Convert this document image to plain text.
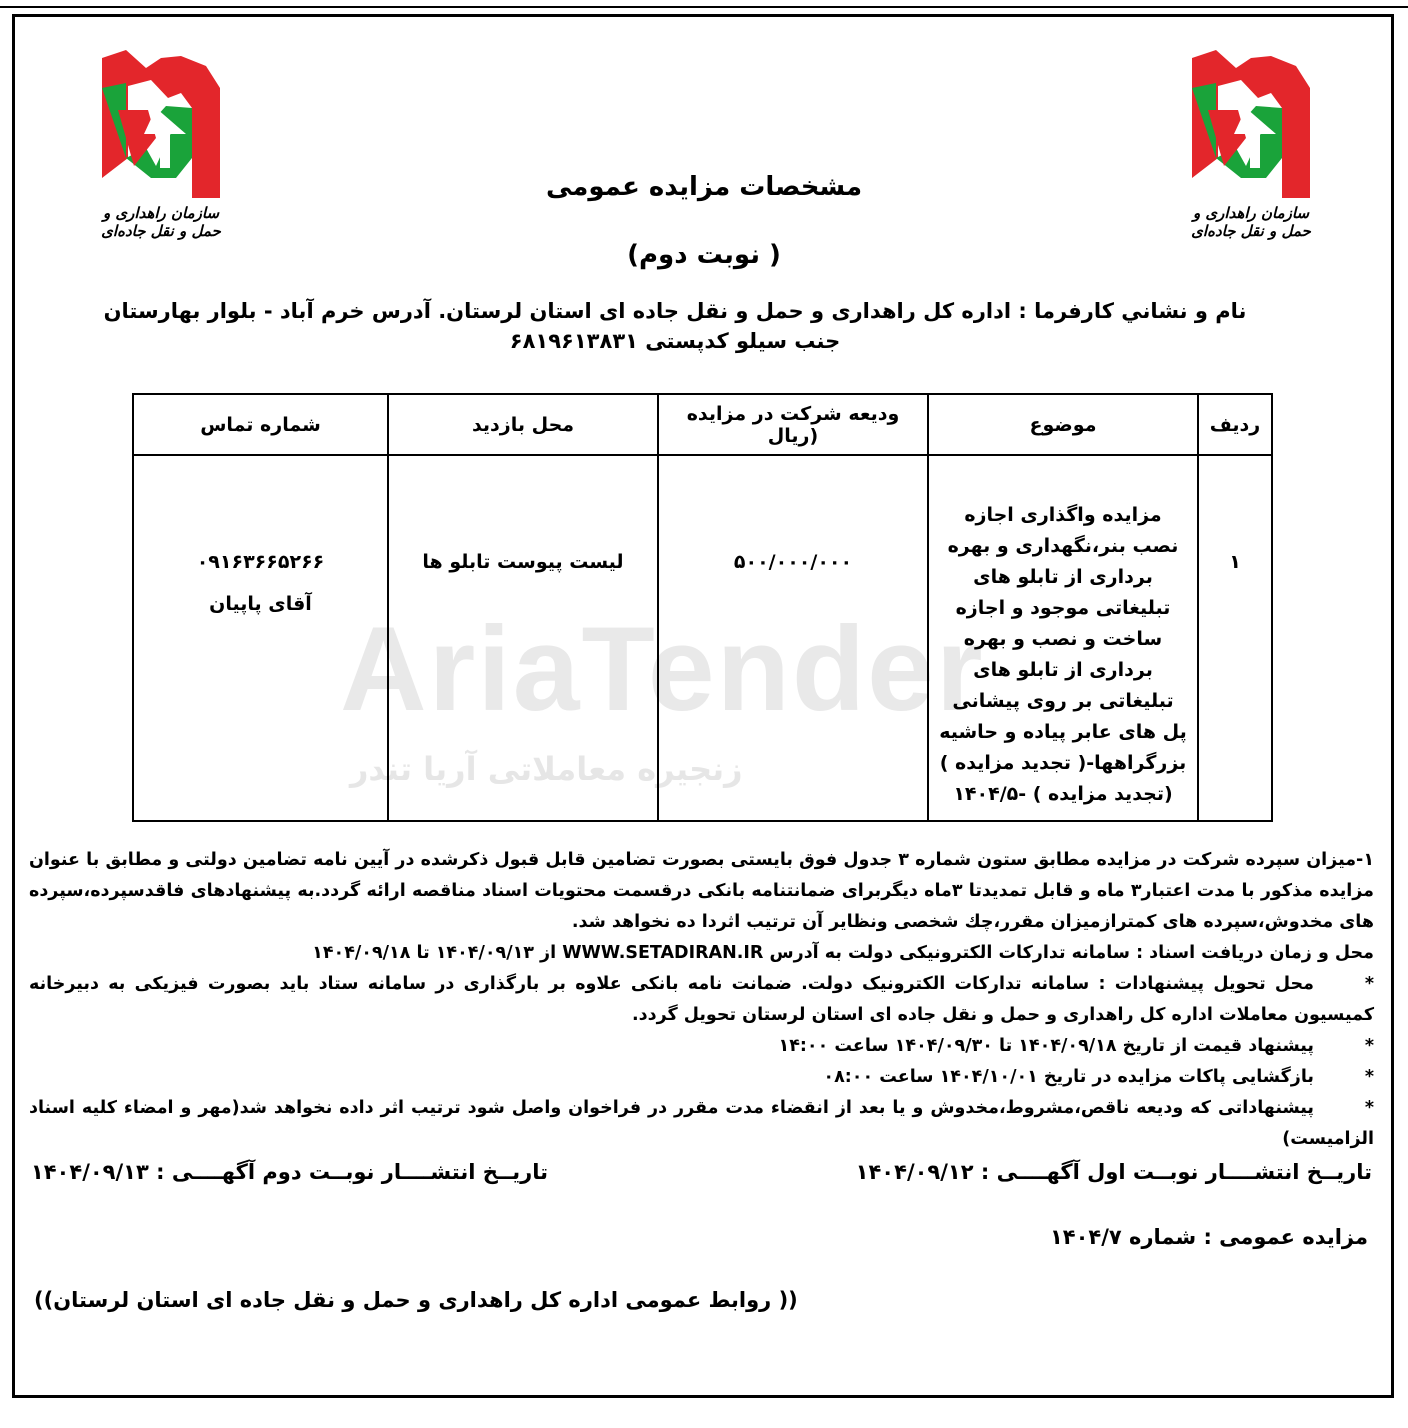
AriaTender
زنجیره معاملاتی آریا تندر
سازمان راهداری و حمل و نقل جاده‌ای
سازمان راهداری و حمل و نقل جاده‌ای
مشخصات مزایده عمومی
( نوبت دوم)
نام و نشاني كارفرما : اداره کل راهداری و حمل و نقل جاده ای استان لرستان. آدرس خرم آباد - بلوار بهارستان جنب سیلو کدپستی ۶۸۱۹۶۱۳۸۳۱
ردیف	موضوع	ودیعه شرکت در مزایده (ریال	محل بازدید	شماره تماس
۱	مزایده واگذاری اجازه نصب بنر،نگهداری و بهره برداری از تابلو های تبلیغاتی موجود و اجازه ساخت و نصب و بهره برداری از تابلو های تبلیغاتی بر روی پیشانی پل های عابر پیاده و حاشیه بزرگراهها-( تجدید مزایده ) (تجدید مزایده ) -۱۴۰۴/۵	۵۰۰/۰۰۰/۰۰۰	لیست پیوست تابلو ها	۰۹۱۶۳۶۶۵۲۶۶
آقای پاپیان

۱-میزان سپرده شرکت در مزایده مطابق ستون شماره ۳ جدول فوق بایستی بصورت تضامین قابل قبول ذکرشده در آیین نامه تضامین دولتی و مطابق با عنوان مزایده مذکور با مدت اعتبار۳ ماه و قابل تمدیدتا ۳ماه دیگربرای ضمانتنامه بانکی درقسمت محتویات اسناد مناقصه ارائه گردد.به پیشنهادهای فاقدسپرده،سپرده های مخدوش،سپرده های کمترازمیزان مقرر،چك شخصی ونظایر آن ترتیب اثردا ده نخواهد شد.

محل و زمان دریافت اسناد : سامانه تدارکات الکترونیکی دولت به آدرس WWW.SETADIRAN.IR از ۱۴۰۴/۰۹/۱۳ تا ۱۴۰۴/۰۹/۱۸

*محل تحویل پیشنهادات : سامانه تدارکات الکترونیک دولت. ضمانت نامه بانکی علاوه بر بارگذاری در سامانه ستاد باید بصورت فیزیکی به دبیرخانه کمیسیون معاملات اداره کل راهداری و حمل و نقل جاده ای استان لرستان تحویل گردد.

*پیشنهاد قیمت از تاریخ ۱۴۰۴/۰۹/۱۸ تا ۱۴۰۴/۰۹/۳۰ ساعت ۱۴:۰۰

*بازگشایی پاکات مزایده در تاریخ ۱۴۰۴/۱۰/۰۱ ساعت ۰۸:۰۰

*پیشنهاداتی که ودیعه ناقص،مشروط،مخدوش و یا بعد از انقضاء مدت مقرر در فراخوان واصل شود ترتیب اثر داده نخواهد شد(مهر و امضاء کلیه اسناد الزامیست)

تاریــخ انتشــــار نوبــت اول آگهــــی : ۱۴۰۴/۰۹/۱۲
تاریــخ انتشــــار نوبــت دوم آگهــــی : ۱۴۰۴/۰۹/۱۳
مزایده عمومی : شماره ۱۴۰۴/۷
(( روابط عمومی اداره کل راهداری و حمل و نقل جاده ای استان لرستان))
